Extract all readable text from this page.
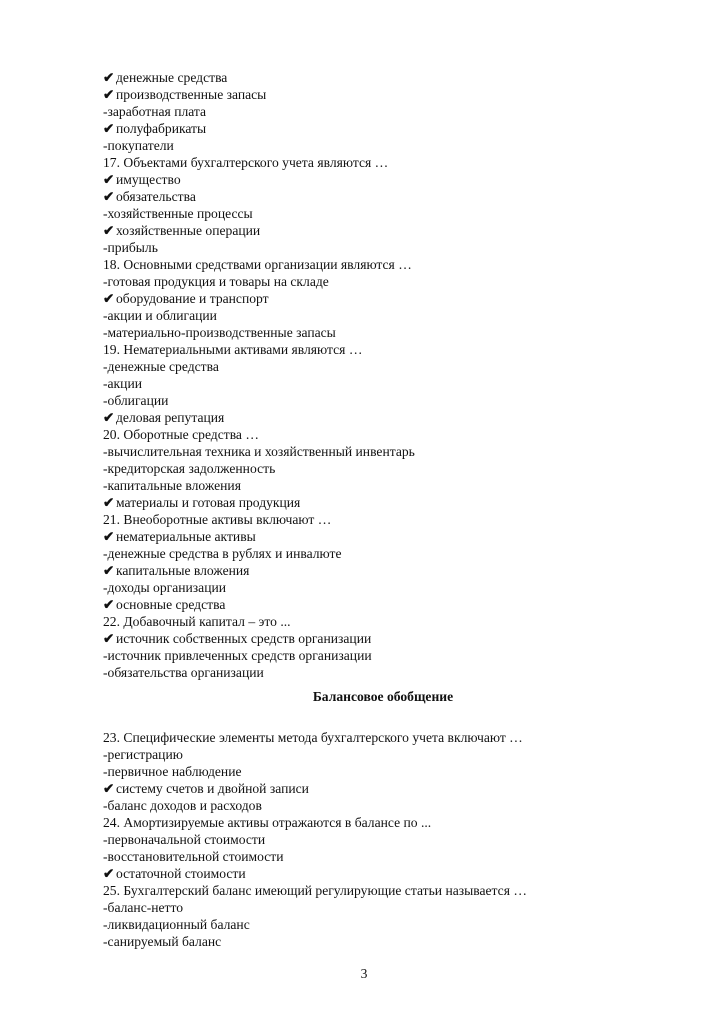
✔ денежные средства
✔ производственные запасы
-заработная плата
✔ полуфабрикаты
-покупатели
17. Объектами бухгалтерского учета являются …
✔ имущество
✔ обязательства
-хозяйственные процессы
✔ хозяйственные операции
-прибыль
18. Основными средствами организации являются …
-готовая продукция и товары на складе
✔ оборудование и транспорт
-акции и облигации
-материально-производственные запасы
19. Нематериальными активами являются …
-денежные средства
-акции
-облигации
✔ деловая репутация
20. Оборотные средства …
-вычислительная техника и хозяйственный инвентарь
-кредиторская задолженность
-капитальные вложения
✔ материалы и готовая продукция
21. Внеоборотные активы включают …
✔ нематериальные активы
-денежные средства в рублях и инвалюте
✔ капитальные вложения
-доходы организации
✔ основные средства
22. Добавочный капитал – это ...
✔ источник собственных средств организации
-источник привлеченных средств организации
-обязательства организации
Балансовое обобщение
23. Специфические элементы метода бухгалтерского учета включают …
-регистрацию
-первичное наблюдение
✔ систему счетов и двойной записи
-баланс доходов и расходов
24. Амортизируемые активы отражаются в балансе по ...
-первоначальной стоимости
-восстановительной стоимости
✔ остаточной стоимости
25. Бухгалтерский баланс имеющий регулирующие статьи называется …
-баланс-нетто
-ликвидационный баланс
-санируемый баланс
3
